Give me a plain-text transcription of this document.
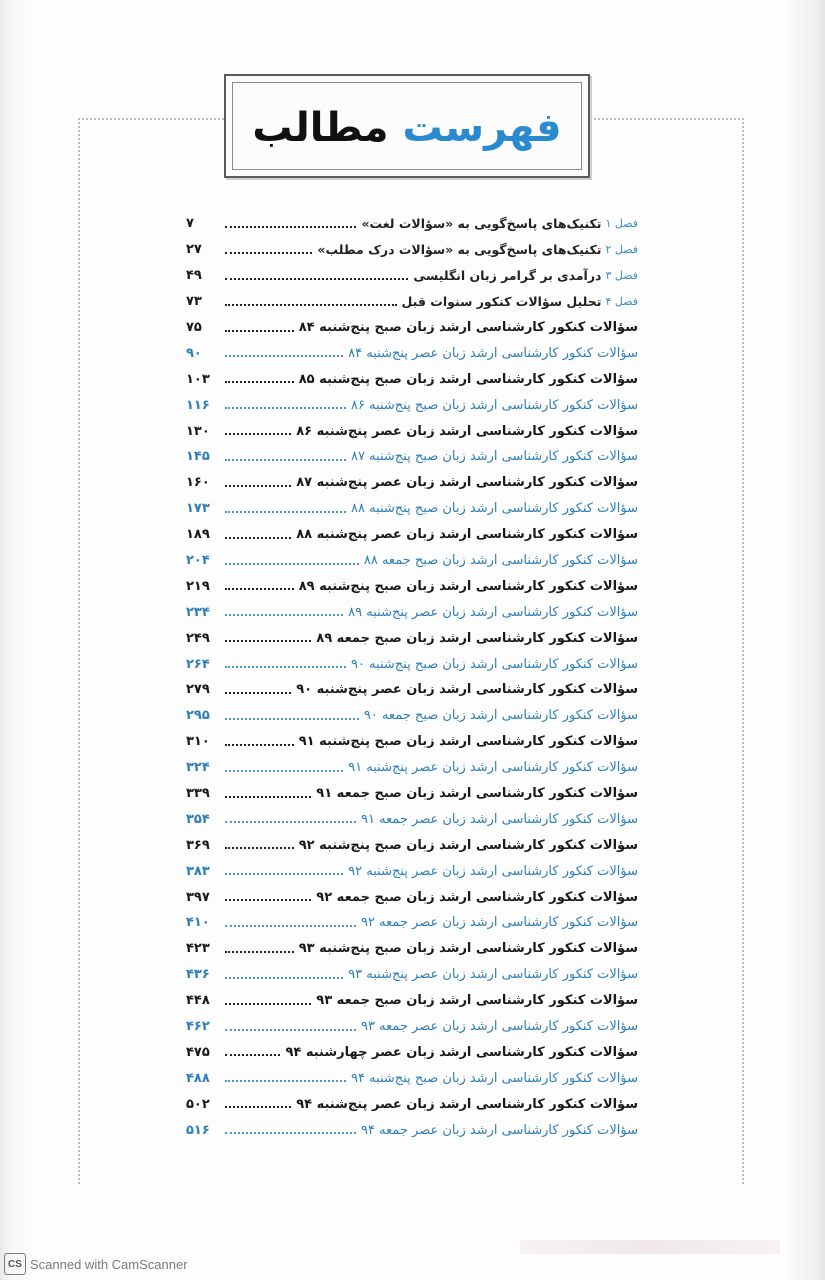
فهرست مطالب
فصل ۱
تکنیک‌های پاسخ‌گویی به «سؤالات لغت»
۷
فصل ۲
تکنیک‌های پاسخ‌گویی به «سؤالات درک مطلب»
۲۷
فصل ۳
درآمدی بر گرامر زبان انگلیسی
۴۹
فصل ۴
تحلیل سؤالات کنکور سنوات قبل
۷۳
سؤالات کنکور کارشناسی ارشد زبان صبح پنج‌شنبه ۸۴
۷۵
سؤالات کنکور کارشناسی ارشد زبان عصر پنج‌شنبه ۸۴
۹۰
سؤالات کنکور کارشناسی ارشد زبان صبح پنج‌شنبه ۸۵
۱۰۳
سؤالات کنکور کارشناسی ارشد زبان صبح پنج‌شنبه ۸۶
۱۱۶
سؤالات کنکور کارشناسی ارشد زبان عصر پنج‌شنبه ۸۶
۱۳۰
سؤالات کنکور کارشناسی ارشد زبان صبح پنج‌شنبه ۸۷
۱۴۵
سؤالات کنکور کارشناسی ارشد زبان عصر پنج‌شنبه ۸۷
۱۶۰
سؤالات کنکور کارشناسی ارشد زبان صبح پنج‌شنبه ۸۸
۱۷۳
سؤالات کنکور کارشناسی ارشد زبان عصر پنج‌شنبه ۸۸
۱۸۹
سؤالات کنکور کارشناسی ارشد زبان صبح جمعه ۸۸
۲۰۴
سؤالات کنکور کارشناسی ارشد زبان صبح پنج‌شنبه ۸۹
۲۱۹
سؤالات کنکور کارشناسی ارشد زبان عصر پنج‌شنبه ۸۹
۲۳۴
سؤالات کنکور کارشناسی ارشد زبان صبح جمعه ۸۹
۲۴۹
سؤالات کنکور کارشناسی ارشد زبان صبح پنج‌شنبه ۹۰
۲۶۴
سؤالات کنکور کارشناسی ارشد زبان عصر پنج‌شنبه ۹۰
۲۷۹
سؤالات کنکور کارشناسی ارشد زبان صبح جمعه ۹۰
۲۹۵
سؤالات کنکور کارشناسی ارشد زبان صبح پنج‌شنبه ۹۱
۳۱۰
سؤالات کنکور کارشناسی ارشد زبان عصر پنج‌شنبه ۹۱
۳۲۴
سؤالات کنکور کارشناسی ارشد زبان صبح جمعه ۹۱
۳۳۹
سؤالات کنکور کارشناسی ارشد زبان عصر جمعه ۹۱
۳۵۴
سؤالات کنکور کارشناسی ارشد زبان صبح پنج‌شنبه ۹۲
۳۶۹
سؤالات کنکور کارشناسی ارشد زبان عصر پنج‌شنبه ۹۲
۳۸۳
سؤالات کنکور کارشناسی ارشد زبان صبح جمعه ۹۲
۳۹۷
سؤالات کنکور کارشناسی ارشد زبان عصر جمعه ۹۲
۴۱۰
سؤالات کنکور کارشناسی ارشد زبان صبح پنج‌شنبه ۹۳
۴۲۳
سؤالات کنکور کارشناسی ارشد زبان عصر پنج‌شنبه ۹۳
۴۳۶
سؤالات کنکور کارشناسی ارشد زبان صبح جمعه ۹۳
۴۴۸
سؤالات کنکور کارشناسی ارشد زبان عصر جمعه ۹۳
۴۶۲
سؤالات کنکور کارشناسی ارشد زبان عصر چهارشنبه ۹۴
۴۷۵
سؤالات کنکور کارشناسی ارشد زبان صبح پنج‌شنبه ۹۴
۴۸۸
سؤالات کنکور کارشناسی ارشد زبان عصر پنج‌شنبه ۹۴
۵۰۲
سؤالات کنکور کارشناسی ارشد زبان عصر جمعه ۹۴
۵۱۶
CS Scanned with CamScanner
